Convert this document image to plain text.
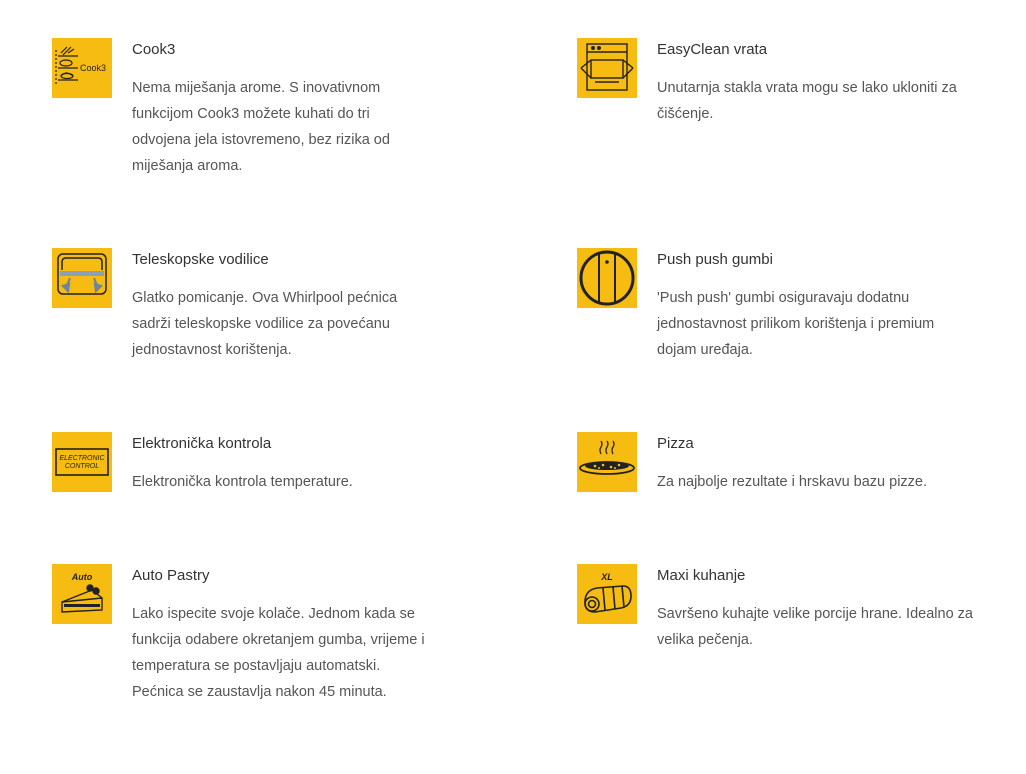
Cook3
Cook3

Nema miješanja arome. S inovativnom funkcijom Cook3 možete kuhati do tri odvojena jela istovremeno, bez rizika od miješanja aroma.

EasyClean vrata

Unutarnja stakla vrata mogu se lako ukloniti za čišćenje.

Teleskopske vodilice

Glatko pomicanje. Ova Whirlpool pećnica sadrži teleskopske vodilice za povećanu jednostavnost korištenja.

Push push gumbi

'Push push' gumbi osiguravaju dodatnu jednostavnost prilikom korištenja i premium dojam uređaja.

ELECTRONIC
CONTROL
Elektronička kontrola

Elektronička kontrola temperature.

Pizza

Za najbolje rezultate i hrskavu bazu pizze.

Auto	Auto Pastry

Lako ispecite svoje kolače. Jednom kada se funkcija odabere okretanjem gumba, vrijeme i temperatura se postavljaju automatski. Pećnica se zaustavlja nakon 45 minuta.

XL	Maxi kuhanje

Savršeno kuhajte velike porcije hrane. Idealno za velika pečenja.
